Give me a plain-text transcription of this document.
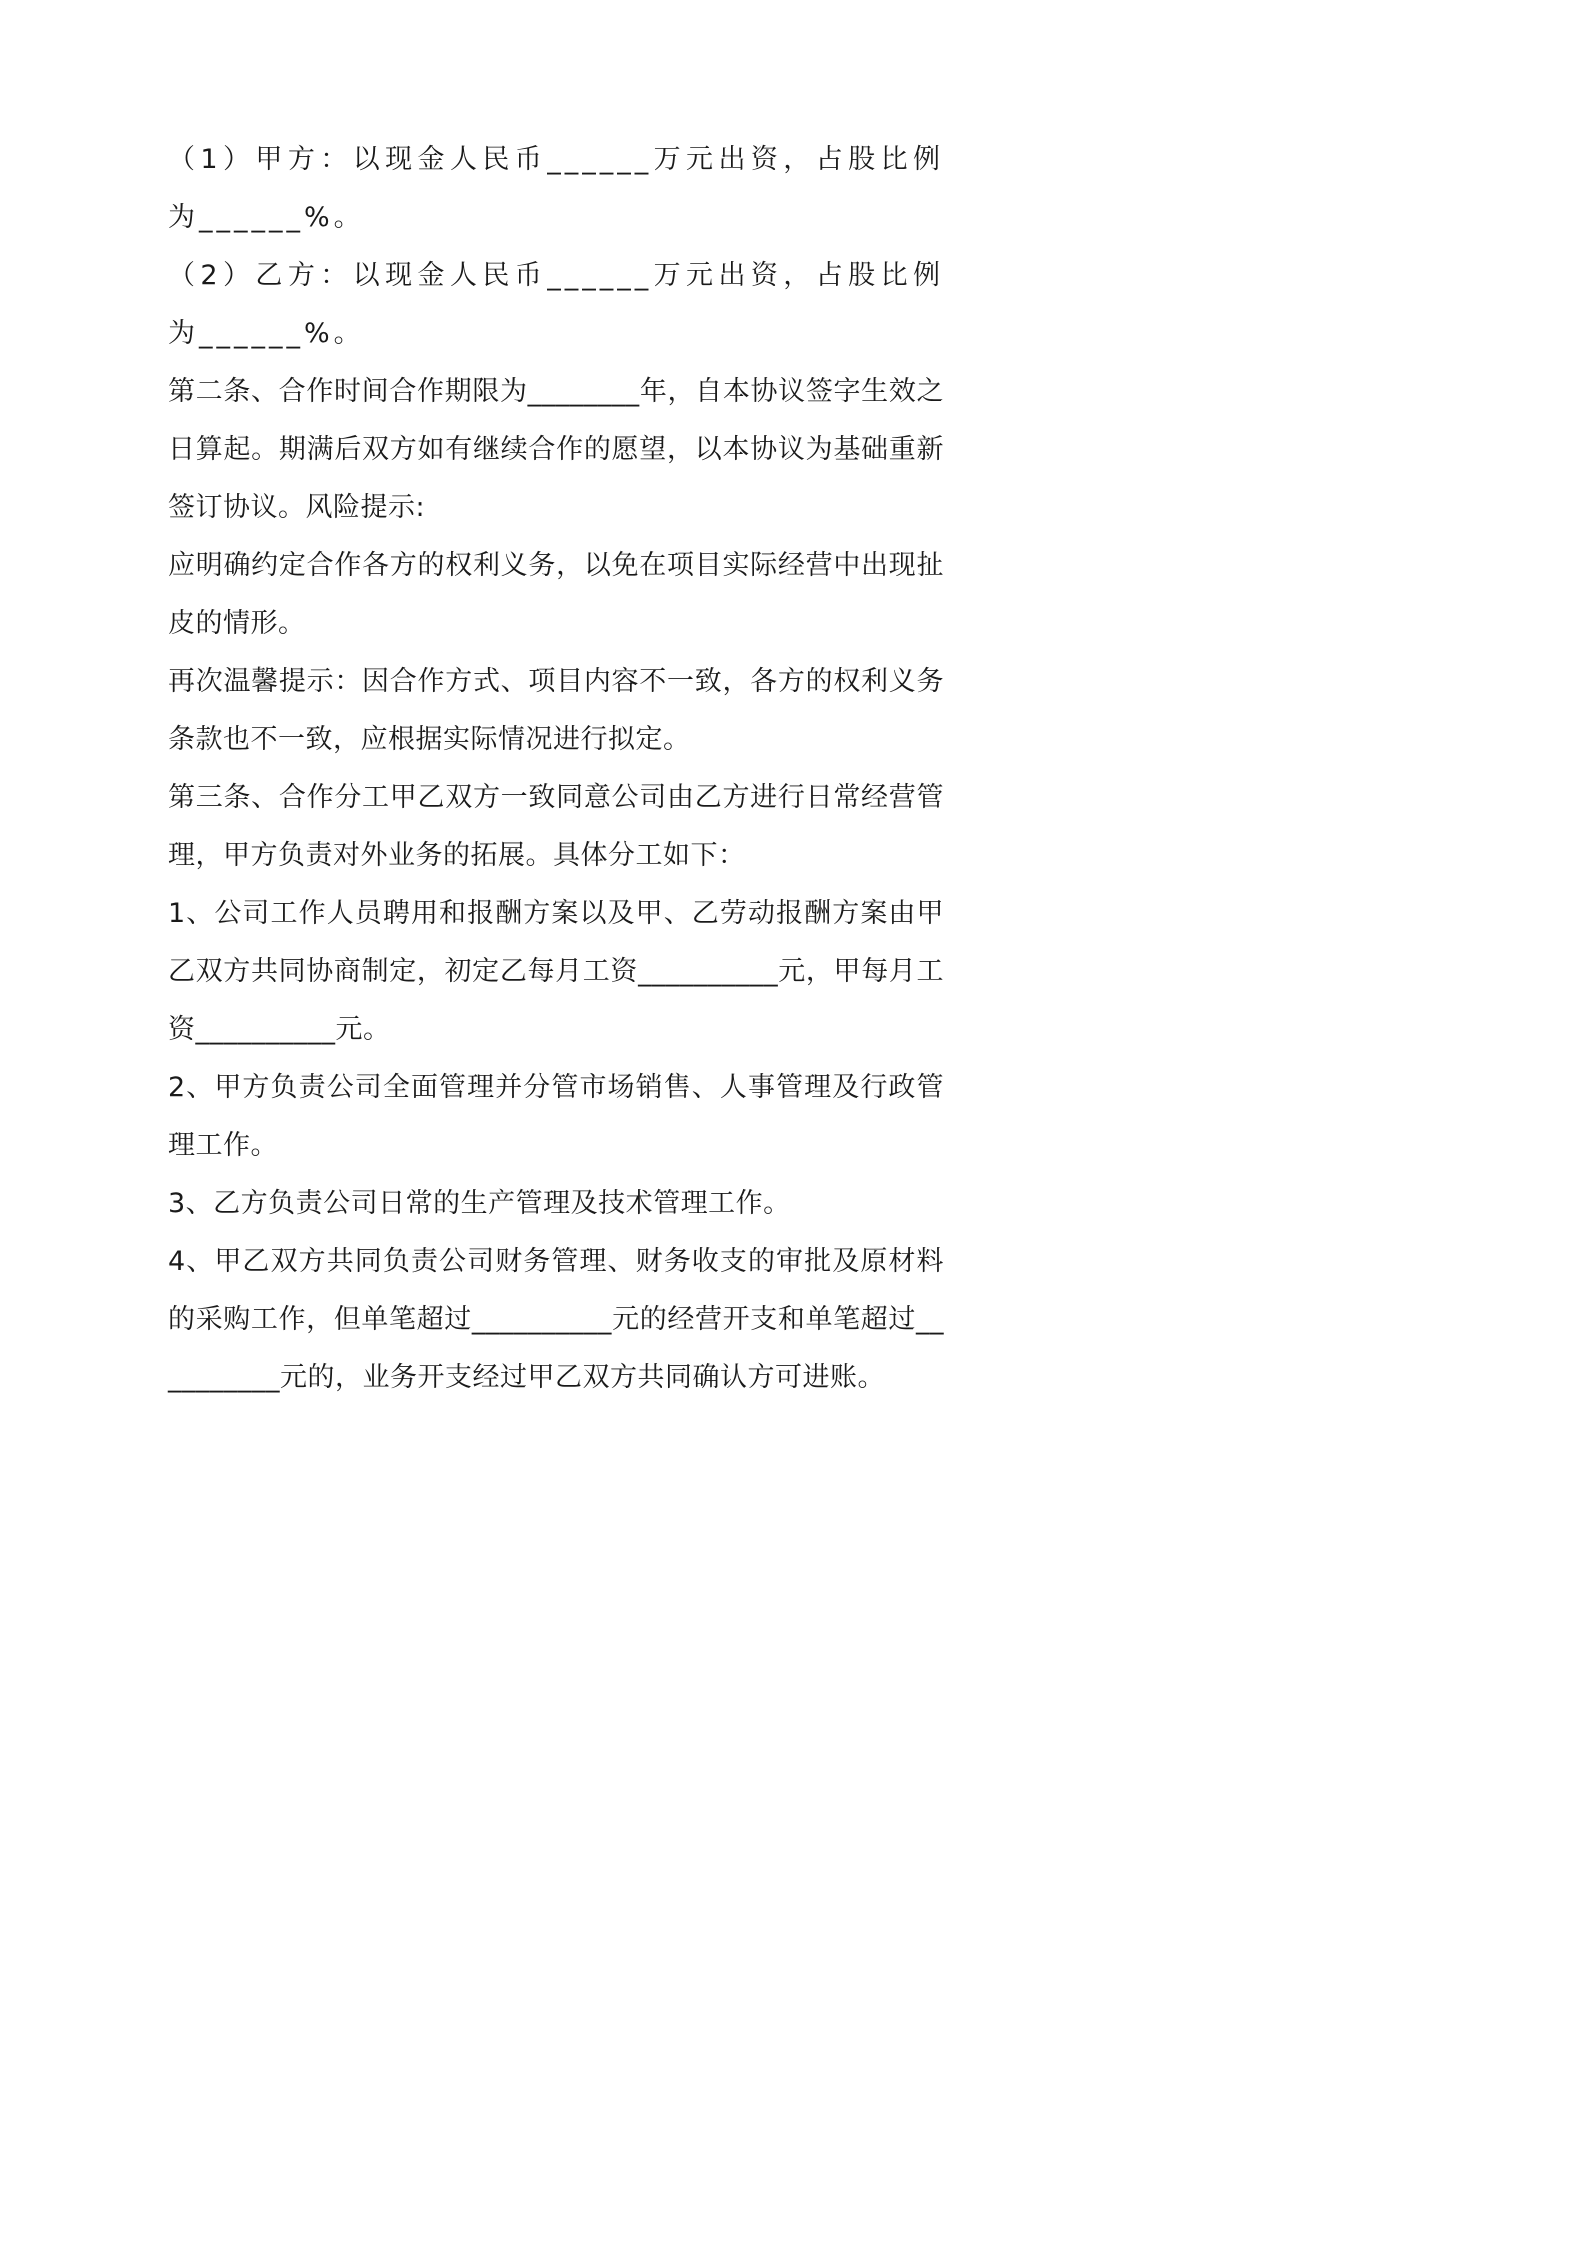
（1）甲方：以现金人民币______万元出资，占股比例为______%。

（2）乙方：以现金人民币______万元出资，占股比例为______%。

第二条、合作时间合作期限为________年，自本协议签字生效之日算起。期满后双方如有继续合作的愿望，以本协议为基础重新签订协议。风险提示:

应明确约定合作各方的权利义务，以免在项目实际经营中出现扯皮的情形。

再次温馨提示：因合作方式、项目内容不一致，各方的权利义务条款也不一致，应根据实际情况进行拟定。

第三条、合作分工甲乙双方一致同意公司由乙方进行日常经营管理，甲方负责对外业务的拓展。具体分工如下：

1、公司工作人员聘用和报酬方案以及甲、乙劳动报酬方案由甲乙双方共同协商制定，初定乙每月工资__________元，甲每月工资__________元。

2、甲方负责公司全面管理并分管市场销售、人事管理及行政管理工作。

3、乙方负责公司日常的生产管理及技术管理工作。

4、甲乙双方共同负责公司财务管理、财务收支的审批及原材料的采购工作，但单笔超过__________元的经营开支和单笔超过__________元的，业务开支经过甲乙双方共同确认方可进账。
